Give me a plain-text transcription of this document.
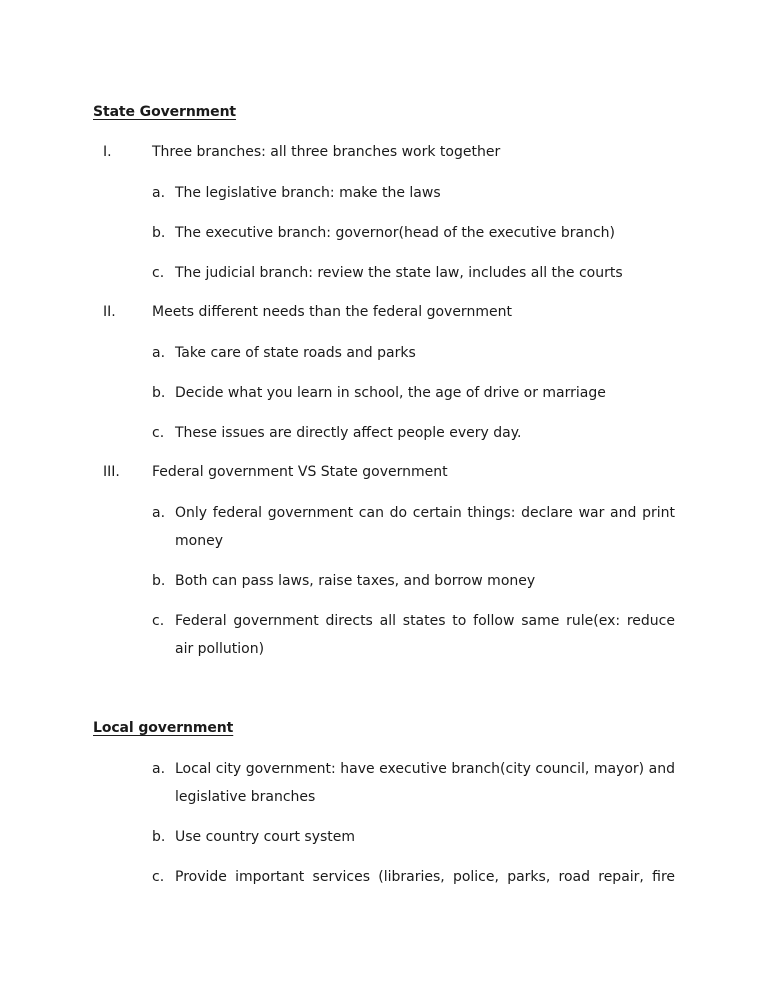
State Government
I.	Three branches: all three branches work together
a. The legislative branch: make the laws
b. The executive branch: governor(head of the executive branch)
c. The judicial branch: review the state law, includes all the courts
II.	Meets different needs than the federal government
a. Take care of state roads and parks
b. Decide what you learn in school, the age of drive or marriage
c. These issues are directly affect people every day.
III. Federal government VS State government
a. Only federal government can do certain things: declare war and print money
b. Both can pass laws, raise taxes, and borrow money
c. Federal government directs all states to follow same rule(ex: reduce air pollution)
Local government
a. Local city government: have executive branch(city council, mayor) and legislative branches
b. Use country court system
c. Provide important services (libraries, police, parks, road repair, fire
